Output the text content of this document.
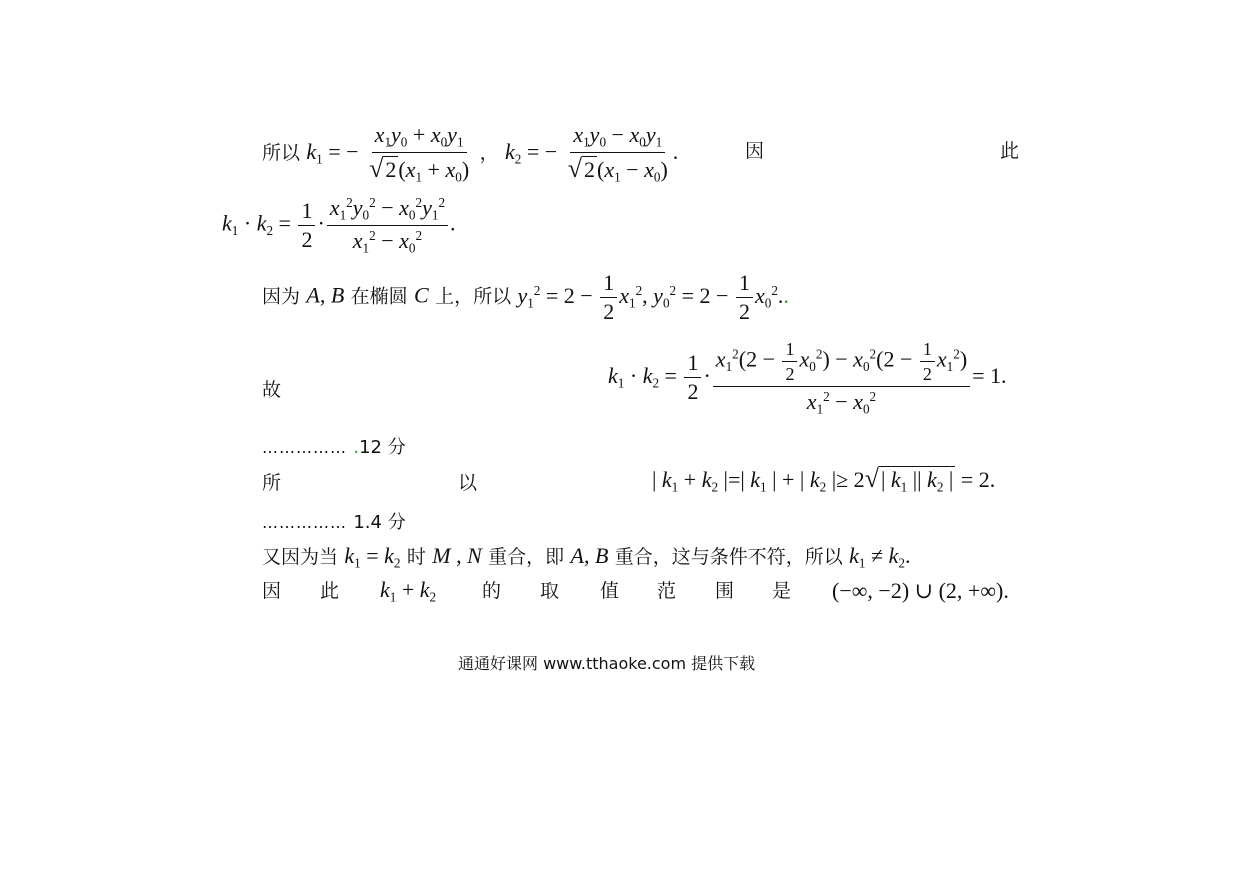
所以 $k_1$ = − $\frac{x_1y_0 + x_0y_1}{√2(x_1 + x_0)}$ ， $k_2$ = − $\frac{x_1y_0 - x_0y_1}{√2(x_1 - x_0)}$ .	因	此
$k_1 \cdot k_2 = \frac{1}{2} \cdot \frac{x_1^2y_0^2 - x_0^2y_1^2}{x_1^2 - x_0^2}$ .
因为 A, B 在椭圆 C 上，所以 $y_1^2 = 2 - \frac{1}{2} x_1^2$, $y_0^2 = 2 - \frac{1}{2} x_0^2$..
故
$k_1 \cdot k_2 = \frac{1}{2} \cdot \frac{x_1^2(2 - \frac{1}{2} x_0^2) - x_0^2(2 - \frac{1}{2} x_1^2)}{x_1^2 - x_0^2} = 1$.
…………… .12 分
所	以	| $k_1 + k_2$ |=| $k_1$ | + | $k_2$ |≥ 2√| $k_1$ || $k_2$ | = 2.
…………… 1.4 分
又因为当 $k_1 = k_2$ 时 M , N 重合，即 A, B 重合，这与条件不符，所以 $k_1 \ne k_2$.
因 此 $k_1 + k_2$ 的 取 值 范 围 是 (−∞, −2) ∪ (2, +∞).
通通好课网 www.tthaoke.com 提供下载
